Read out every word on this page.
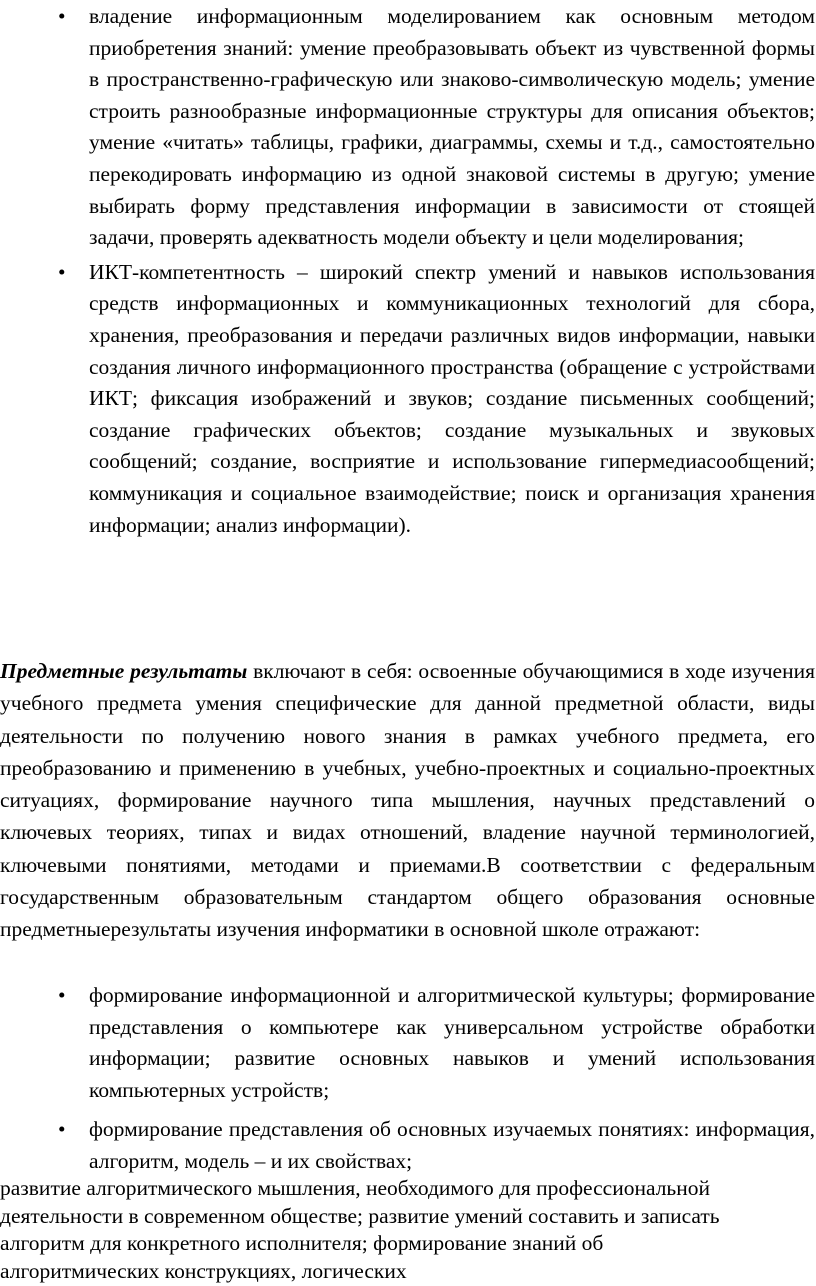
• владение информационным моделированием как основным методом приобретения знаний: умение преобразовывать объект из чувственной формы в пространственно-графическую или знаково-символическую модель; умение строить разнообразные информационные структуры для описания объектов; умение «читать» таблицы, графики, диаграммы, схемы и т.д., самостоятельно перекодировать информацию из одной знаковой системы в другую; умение выбирать форму представления информации в зависимости от стоящей задачи, проверять адекватность модели объекту и цели моделирования;
• ИКТ-компетентность – широкий спектр умений и навыков использования средств информационных и коммуникационных технологий для сбора, хранения, преобразования и передачи различных видов информации, навыки создания личного информационного пространства (обращение с устройствами ИКТ; фиксация изображений и звуков; создание письменных сообщений; создание графических объектов; создание музыкальных и звуковых сообщений; создание, восприятие и использование гипермедиасообщений; коммуникация и социальное взаимодействие; поиск и организация хранения информации; анализ информации).
Предметные результаты включают в себя: освоенные обучающимися в ходе изучения учебного предмета умения специфические для данной предметной области, виды деятельности по получению нового знания в рамках учебного предмета, его преобразованию и применению в учебных, учебно-проектных и социально-проектных ситуациях, формирование научного типа мышления, научных представлений о ключевых теориях, типах и видах отношений, владение научной терминологией, ключевыми понятиями, методами и приемами.В соответствии с федеральным государственным образовательным стандартом общего образования основные предметныерезультаты изучения информатики в основной школе отражают:
• формирование информационной и алгоритмической культуры; формирование представления о компьютере как универсальном устройстве обработки информации; развитие основных навыков и умений использования компьютерных устройств;
• формирование представления об основных изучаемых понятиях: информация, алгоритм, модель – и их свойствах;
развитие алгоритмического мышления, необходимого для профессиональной
деятельности в современном обществе; развитие умений составить и записать
алгоритм для конкретного исполнителя; формирование знаний об
алгоритмических конструкциях, логических
